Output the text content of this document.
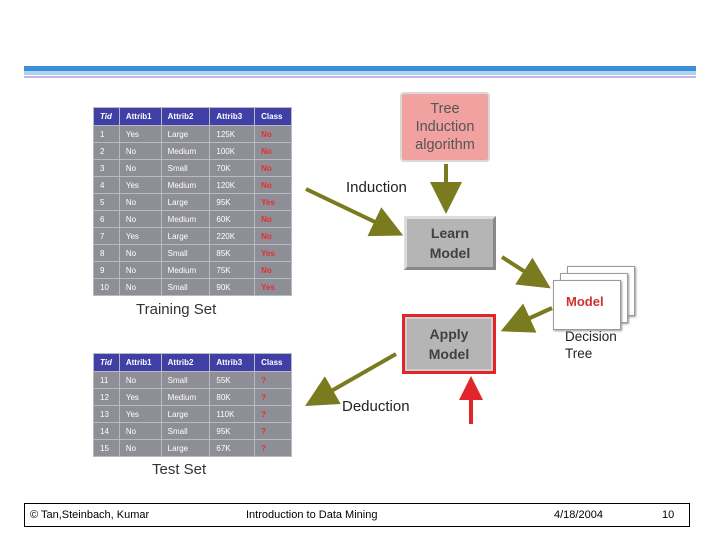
Tid	Attrib1	Attrib2	Attrib3	Class
1	Yes	Large	125K	No
2	No	Medium	100K	No
3	No	Small	70K	No
4	Yes	Medium	120K	No
5	No	Large	95K	Yes
6	No	Medium	60K	No
7	Yes	Large	220K	No
8	No	Small	85K	Yes
9	No	Medium	75K	No
10	No	Small	90K	Yes
Training Set
Tid	Attrib1	Attrib2	Attrib3	Class
11	No	Small	55K	?
12	Yes	Medium	80K	?
13	Yes	Large	110K	?
14	No	Small	95K	?
15	No	Large	67K	?
Test Set
Tree
Induction
algorithm
Induction
Learn
Model
Model
Decision
Tree
Apply
Model
Deduction
© Tan,Steinbach, Kumar	Introduction to Data Mining	4/18/2004	10
